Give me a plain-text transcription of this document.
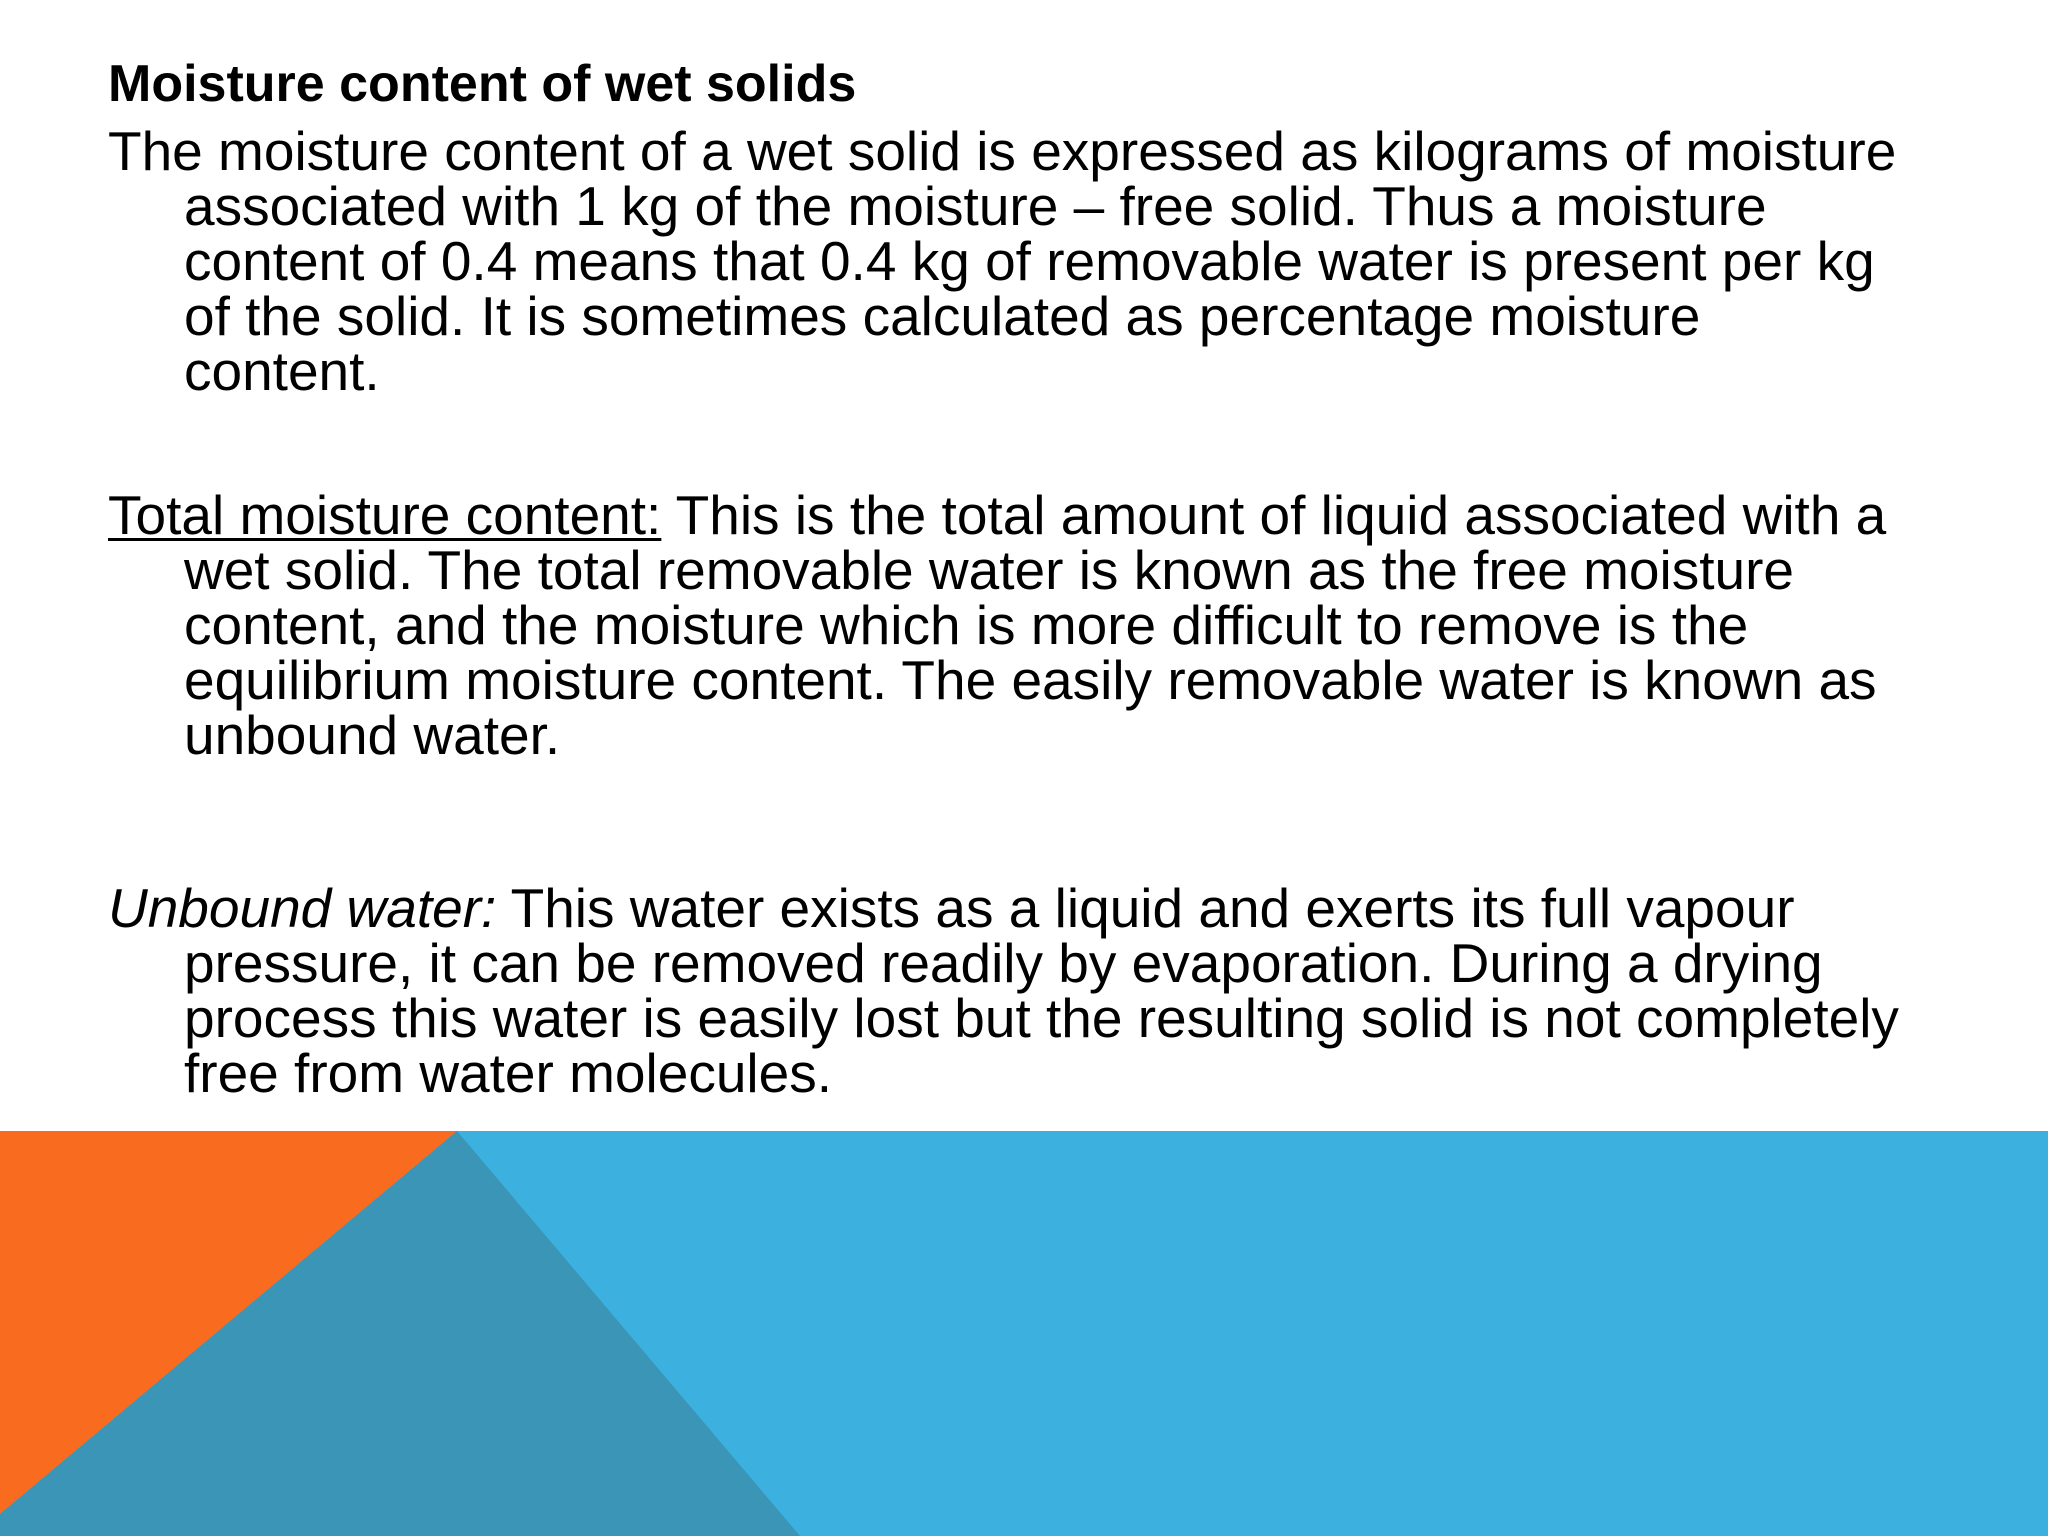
Moisture content of wet solids

The moisture content of a wet solid is expressed as kilograms of moisture associated with 1 kg of the moisture – free solid. Thus a moisture content of 0.4 means that 0.4 kg of removable water is present per kg of the solid. It is sometimes calculated as percentage moisture content.

Total moisture content: This is the total amount of liquid associated with a wet solid. The total removable water is known as the free moisture content, and the moisture which is more difficult to remove is the equilibrium moisture content. The easily removable water is known as unbound water.

Unbound water: This water exists as a liquid and exerts its full vapour pressure, it can be removed readily by evaporation. During a drying process this water is easily lost but the resulting solid is not completely free from water molecules.
